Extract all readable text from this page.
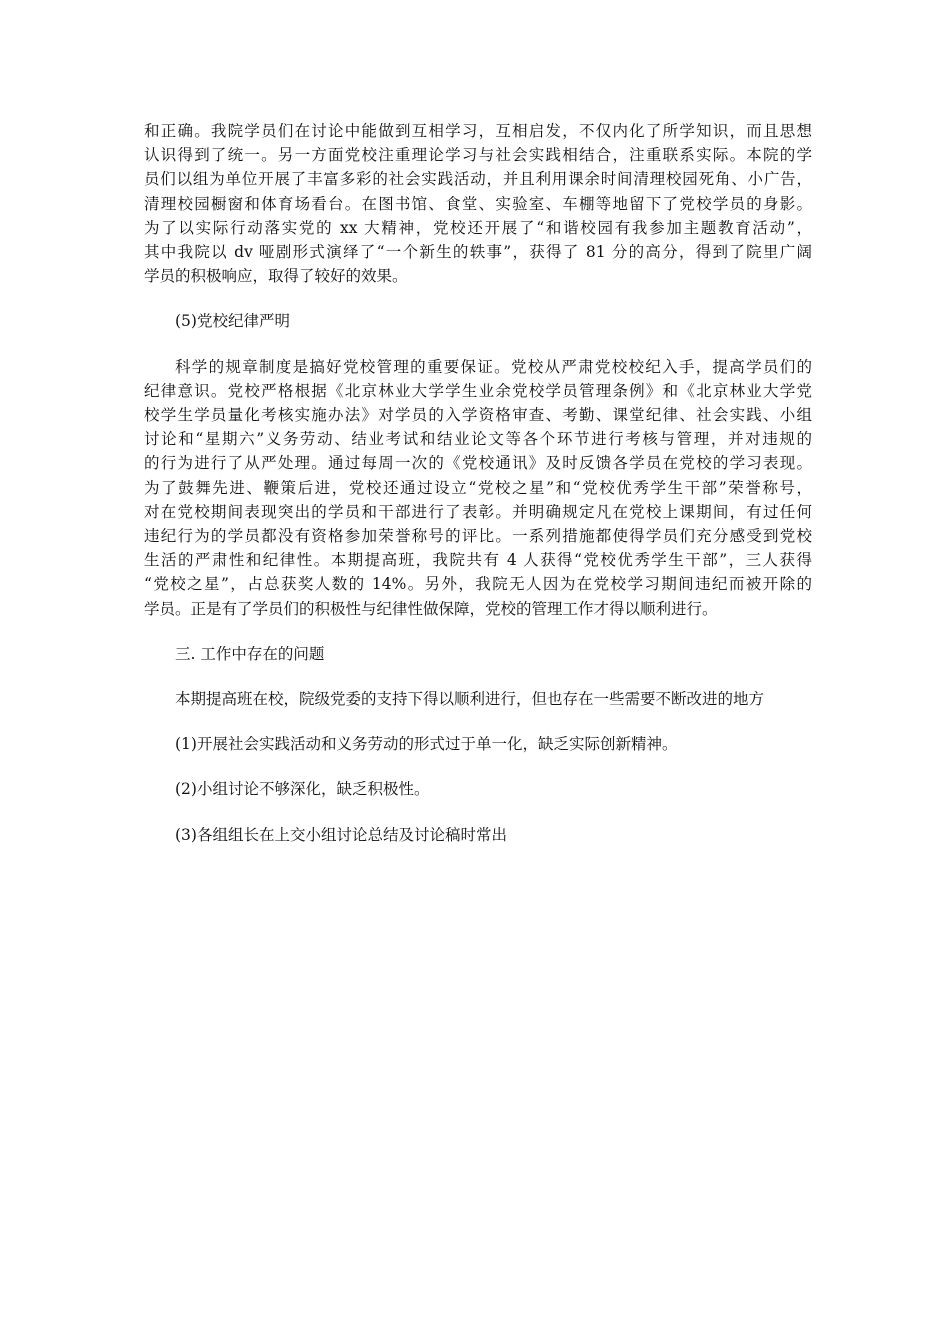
和正确。我院学员们在讨论中能做到互相学习，互相启发，不仅内化了所学知识，而且思想
认识得到了统一。另一方面党校注重理论学习与社会实践相结合，注重联系实际。本院的学
员们以组为单位开展了丰富多彩的社会实践活动，并且利用课余时间清理校园死角、小广告，
清理校园橱窗和体育场看台。在图书馆、食堂、实验室、车棚等地留下了党校学员的身影。
为了以实际行动落实党的 xx 大精神，党校还开展了“和谐校园有我参加主题教育活动”，
其中我院以 dv 哑剧形式演绎了“一个新生的轶事”，获得了 81 分的高分，得到了院里广阔
学员的积极响应，取得了较好的效果。

(5)党校纪律严明

科学的规章制度是搞好党校管理的重要保证。党校从严肃党校校纪入手，提高学员们的
纪律意识。党校严格根据《北京林业大学学生业余党校学员管理条例》和《北京林业大学党
校学生学员量化考核实施办法》对学员的入学资格审查、考勤、课堂纪律、社会实践、小组
讨论和“星期六”义务劳动、结业考试和结业论文等各个环节进行考核与管理，并对违规的
的行为进行了从严处理。通过每周一次的《党校通讯》及时反馈各学员在党校的学习表现。
为了鼓舞先进、鞭策后进，党校还通过设立“党校之星”和“党校优秀学生干部”荣誉称号，
对在党校期间表现突出的学员和干部进行了表彰。并明确规定凡在党校上课期间，有过任何
违纪行为的学员都没有资格参加荣誉称号的评比。一系列措施都使得学员们充分感受到党校
生活的严肃性和纪律性。本期提高班，我院共有 4 人获得“党校优秀学生干部”，三人获得
“党校之星”，占总获奖人数的 14%。另外，我院无人因为在党校学习期间违纪而被开除的
学员。正是有了学员们的积极性与纪律性做保障，党校的管理工作才得以顺利进行。

三. 工作中存在的问题

本期提高班在校，院级党委的支持下得以顺利进行，但也存在一些需要不断改进的地方

(1)开展社会实践活动和义务劳动的形式过于单一化，缺乏实际创新精神。

(2)小组讨论不够深化，缺乏积极性。

(3)各组组长在上交小组讨论总结及讨论稿时常出
